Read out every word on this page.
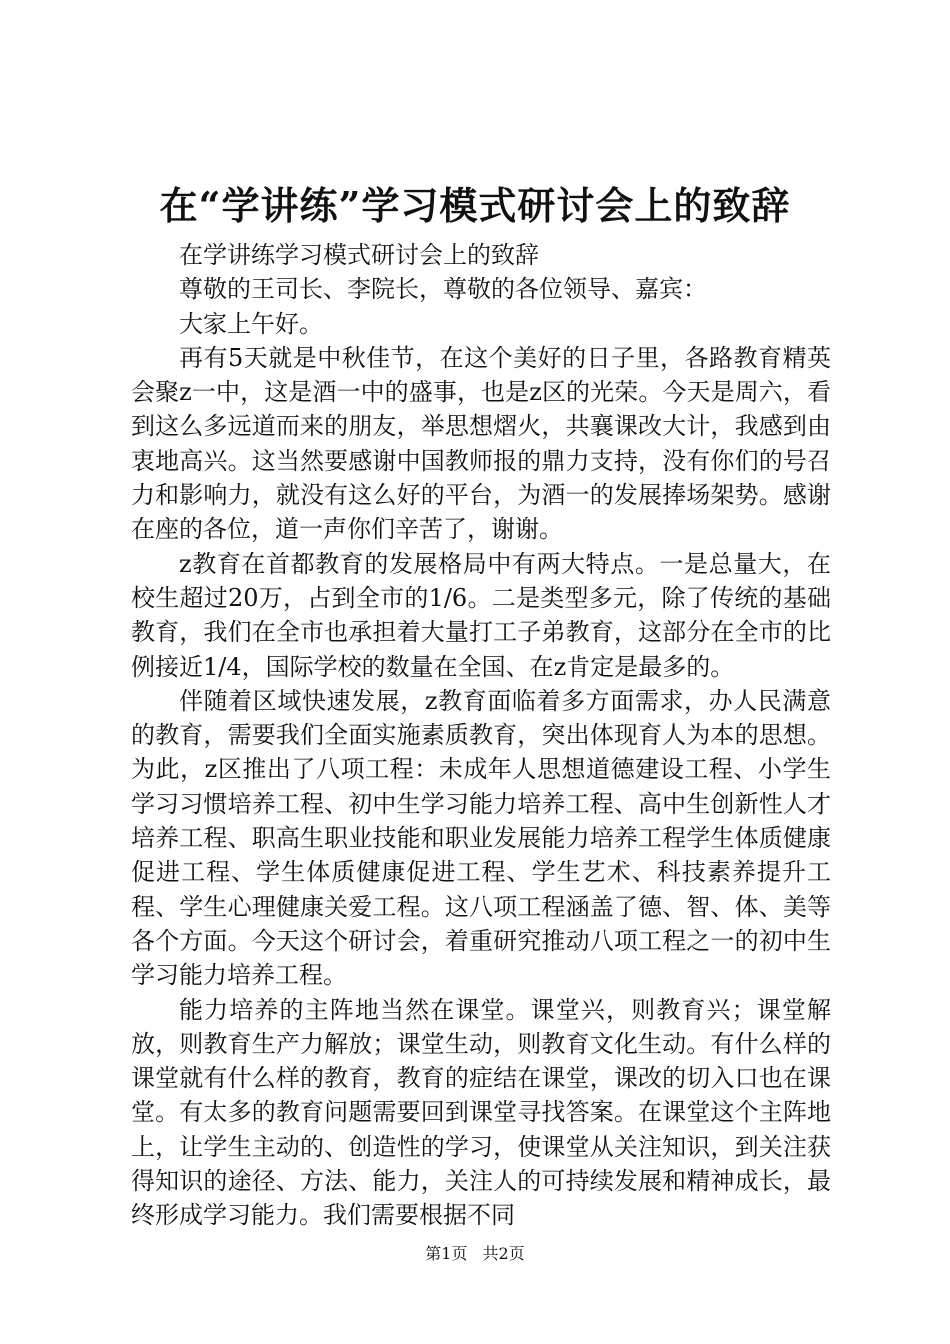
在“学讲练”学习模式研讨会上的致辞

在学讲练学习模式研讨会上的致辞

尊敬的王司长、李院长，尊敬的各位领导、嘉宾：

大家上午好。

再有5天就是中秋佳节，在这个美好的日子里，各路教育精英会聚z一中，这是酒一中的盛事，也是z区的光荣。今天是周六，看到这么多远道而来的朋友，举思想熠火，共襄课改大计，我感到由衷地高兴。这当然要感谢中国教师报的鼎力支持，没有你们的号召力和影响力，就没有这么好的平台，为酒一的发展捧场架势。感谢在座的各位，道一声你们辛苦了，谢谢。

z教育在首都教育的发展格局中有两大特点。一是总量大，在校生超过20万，占到全市的1/6。二是类型多元，除了传统的基础教育，我们在全市也承担着大量打工子弟教育，这部分在全市的比例接近1/4，国际学校的数量在全国、在z肯定是最多的。

伴随着区域快速发展，z教育面临着多方面需求，办人民满意的教育，需要我们全面实施素质教育，突出体现育人为本的思想。为此，z区推出了八项工程：未成年人思想道德建设工程、小学生学习习惯培养工程、初中生学习能力培养工程、高中生创新性人才培养工程、职高生职业技能和职业发展能力培养工程学生体质健康促进工程、学生体质健康促进工程、学生艺术、科技素养提升工程、学生心理健康关爱工程。这八项工程涵盖了德、智、体、美等各个方面。今天这个研讨会，着重研究推动八项工程之一的初中生学习能力培养工程。

能力培养的主阵地当然在课堂。课堂兴，则教育兴；课堂解放，则教育生产力解放；课堂生动，则教育文化生动。有什么样的课堂就有什么样的教育，教育的症结在课堂，课改的切入口也在课堂。有太多的教育问题需要回到课堂寻找答案。在课堂这个主阵地上，让学生主动的、创造性的学习，使课堂从关注知识，到关注获得知识的途径、方法、能力，关注人的可持续发展和精神成长，最终形成学习能力。我们需要根据不同

第1页 共2页
